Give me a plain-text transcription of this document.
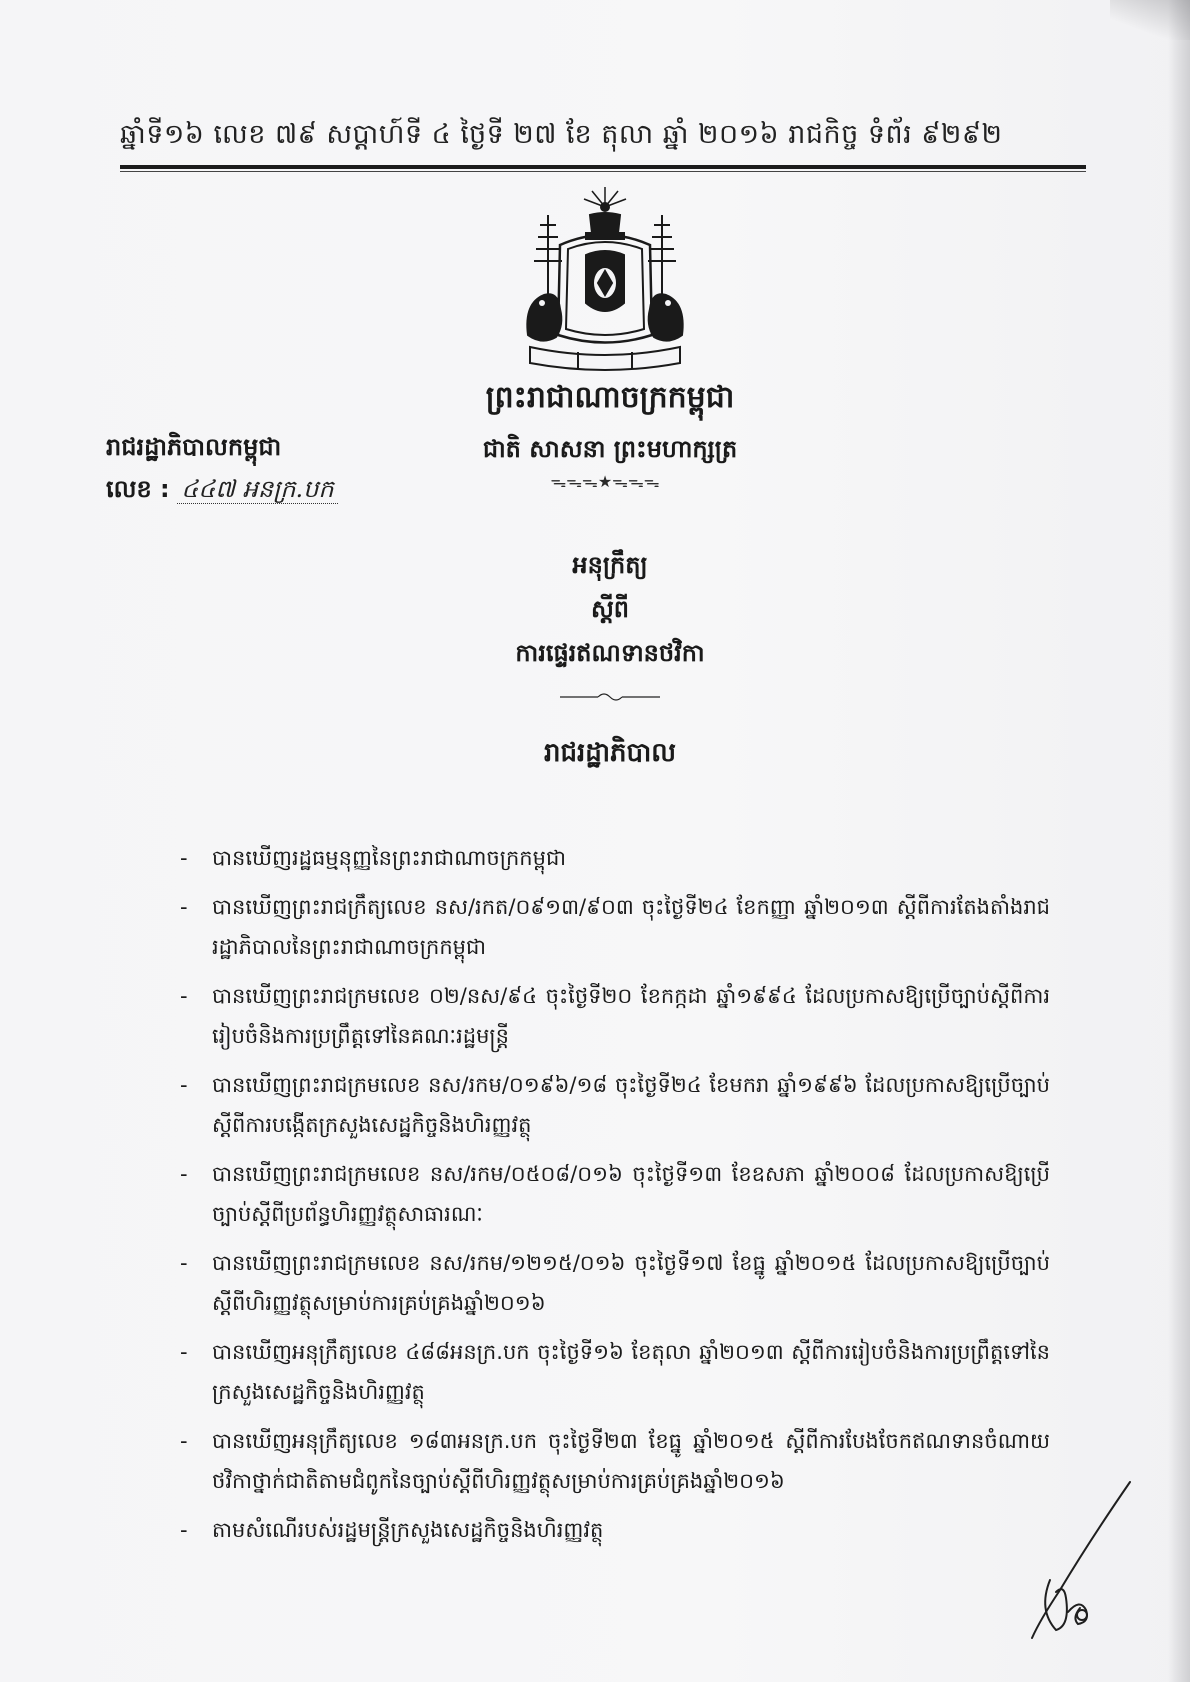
ឆ្នាំទី១៦ លេខ ៧៩ សប្តាហ៍ទី ៤ ថ្ងៃទី ២៧ ខែ តុលា ឆ្នាំ ២០១៦ រាជកិច្ច ទំព័រ ៩២៩២
ព្រះរាជាណាចក្រកម្ពុជា
ជាតិ សាសនា ព្រះមហាក្សត្រ
ᯓᯓᯓ★ᯓᯓᯓ
រាជរដ្ឋាភិបាលកម្ពុជា
លេខ : ៤៤៧ អនក្រ.បក
អនុក្រឹត្យ
ស្តីពី
ការផ្ទេរឥណទានថវិកា
រាជរដ្ឋាភិបាល
- បានឃើញរដ្ឋធម្មនុញ្ញនៃព្រះរាជាណាចក្រកម្ពុជា
- បានឃើញព្រះរាជក្រឹត្យលេខ នស/រកត/០៩១៣/៩០៣ ចុះថ្ងៃទី២៤ ខែកញ្ញា ឆ្នាំ២០១៣ ស្តីពីការតែងតាំងរាជរដ្ឋាភិបាលនៃព្រះរាជាណាចក្រកម្ពុជា
- បានឃើញព្រះរាជក្រមលេខ ០២/នស/៩៤ ចុះថ្ងៃទី២០ ខែកក្កដា ឆ្នាំ១៩៩៤ ដែលប្រកាសឱ្យប្រើច្បាប់ស្តីពីការរៀបចំនិងការប្រព្រឹត្តទៅនៃគណៈរដ្ឋមន្ត្រី
- បានឃើញព្រះរាជក្រមលេខ នស/រកម/០១៩៦/១៨ ចុះថ្ងៃទី២៤ ខែមករា ឆ្នាំ១៩៩៦ ដែលប្រកាសឱ្យប្រើច្បាប់ស្តីពីការបង្កើតក្រសួងសេដ្ឋកិច្ចនិងហិរញ្ញវត្ថុ
- បានឃើញព្រះរាជក្រមលេខ នស/រកម/០៥០៨/០១៦ ចុះថ្ងៃទី១៣ ខែឧសភា ឆ្នាំ២០០៨ ដែលប្រកាសឱ្យប្រើច្បាប់ស្តីពីប្រព័ន្ធហិរញ្ញវត្ថុសាធារណៈ
- បានឃើញព្រះរាជក្រមលេខ នស/រកម/១២១៥/០១៦ ចុះថ្ងៃទី១៧ ខែធ្នូ ឆ្នាំ២០១៥ ដែលប្រកាសឱ្យប្រើច្បាប់ស្តីពីហិរញ្ញវត្ថុសម្រាប់ការគ្រប់គ្រងឆ្នាំ២០១៦
- បានឃើញអនុក្រឹត្យលេខ ៤៨៨អនក្រ.បក ចុះថ្ងៃទី១៦ ខែតុលា ឆ្នាំ២០១៣ ស្តីពីការរៀបចំនិងការប្រព្រឹត្តទៅនៃក្រសួងសេដ្ឋកិច្ចនិងហិរញ្ញវត្ថុ
- បានឃើញអនុក្រឹត្យលេខ ១៨៣អនក្រ.បក ចុះថ្ងៃទី២៣ ខែធ្នូ ឆ្នាំ២០១៥ ស្តីពីការបែងចែកឥណទានចំណាយថវិកាថ្នាក់ជាតិតាមជំពូកនៃច្បាប់ស្តីពីហិរញ្ញវត្ថុសម្រាប់ការគ្រប់គ្រងឆ្នាំ២០១៦
- តាមសំណើរបស់រដ្ឋមន្ត្រីក្រសួងសេដ្ឋកិច្ចនិងហិរញ្ញវត្ថុ
